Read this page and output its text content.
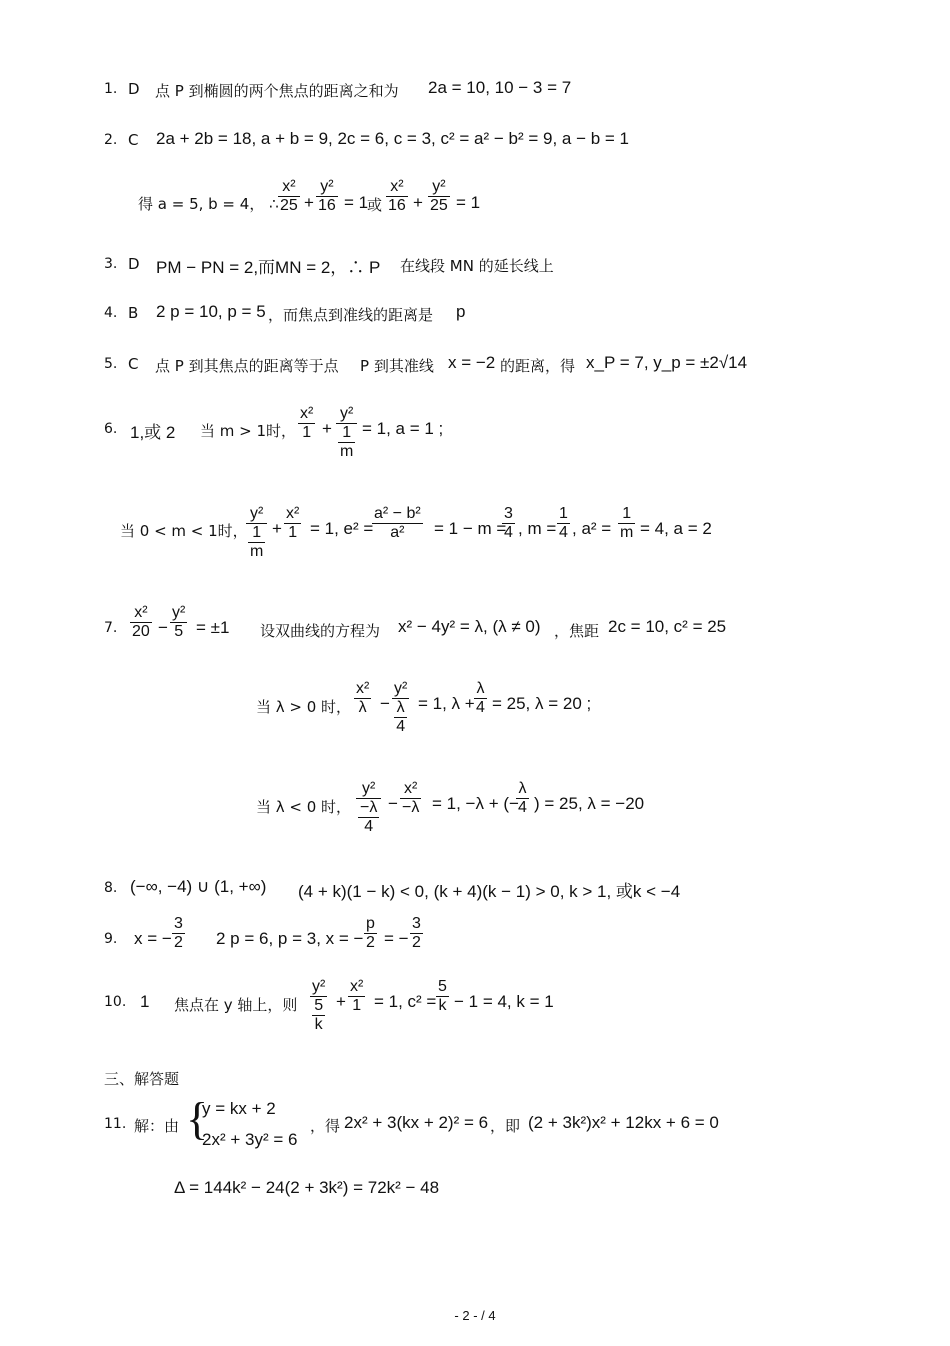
1. D 点 P 到椭圆的两个焦点的距离之和为 2a = 10, 10 − 3 = 7
2. C 2a + 2b = 18, a + b = 9, 2c = 6, c = 3, c² = a² − b² = 9, a − b = 1
得 a = 5, b = 4， ∴ $\frac{\text{x²}}{25} + \frac{\text{y²}}{16} = 1$
或 $\frac{\text{x²}}{16} + \frac{\text{y²}}{25} = 1$
3. D PM − PN = 2,而MN = 2，∴ P 在线段 MN 的延长线上
4. B 2 p = 10, p = 5 ，而焦点到准线的距离是 p
5. C 点 P 到其焦点的距离等于点 P 到其准线 x = −2 的距离，得 x_P = 7, y_p = ±2√14
6. 1,或 2 当 m > 1时， $\frac{\text{x²}}{1} + \frac{\text{y²}}{\frac{1}{m}} = 1$, a = 1 ;
当 0 < m < 1时，
$\frac{\text{y²}}{\frac{1}{m}} + \frac{\text{x²}}{1} = 1$, e² =
$\frac{\text{a² − b²}}{\text{a²}} = 1 - m$ =
$\frac{3}{4}$ , $m = \frac{1}{4}$ , $a^2 = \frac{1}{m} = 4$, a = 2
7. $\frac{\text{x²}}{20} - \frac{\text{y²}}{5} = \pm 1$ 设双曲线的方程为 x² − 4y² = λ, (λ ≠ 0) ，焦距 2c = 10, c² = 25
当 λ > 0 时， $\frac{\text{x²}}{\lambda} - \frac{\text{y²}}{\frac{\lambda}{4}} = 1$, $\lambda + \frac{\lambda}{4} = 25$, λ = 20 ;
当 λ < 0 时， $\frac{\text{y²}}{\frac{-\lambda}{4}} - \frac{\text{x²}}{-\lambda} = 1$, −λ + (−
$\frac{\lambda}{4}$ ) = 25, λ = −20
8. (−∞, −4) ∪ (1, +∞) (4 + k)(1 − k) < 0, (k + 4)(k − 1) > 0, k > 1, 或k < −4
9. x = − $\frac{3}{2} 2$ p = 6, p = 3, x = − $\frac{p}{2}$ = − $\frac{3}{2}$
10. 1 焦点在 y 轴上，则 $\frac{\text{y²}}{\frac{5}{k}} + \frac{\text{x²}}{1} = 1$, $c^2 = \frac{5}{k} - 1 = 4$, k = 1
三、解答题
11. 解：由 {
y = kx + 2
2x² + 3y² = 6
，得 2x² + 3(kx + 2)² = 6 ，即 (2 + 3k²)x² + 12kx + 6 = 0
Δ = 144k² − 24(2 + 3k²) = 72k² − 48
- 2 - / 4
